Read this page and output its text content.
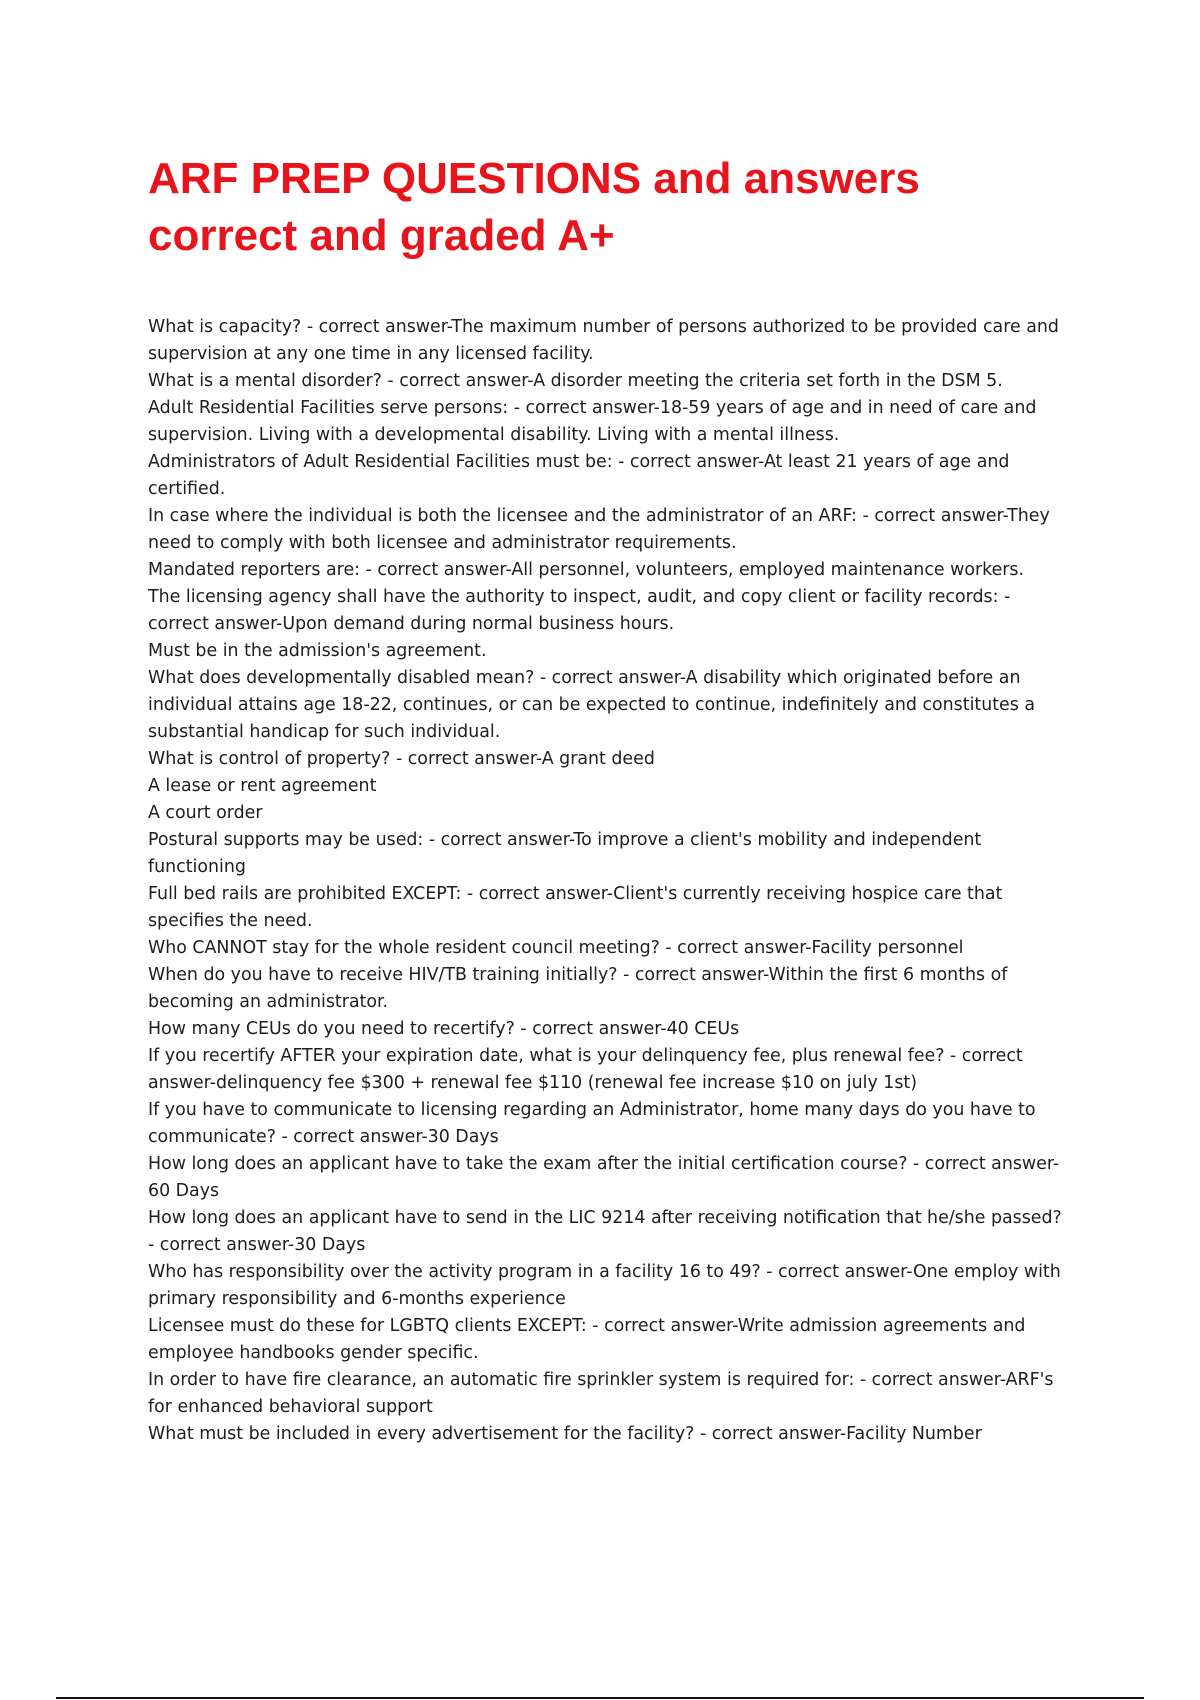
ARF PREP QUESTIONS and answers
correct and graded A+
What is capacity? - correct answer-The maximum number of persons authorized to be provided care and
supervision at any one time in any licensed facility.
What is a mental disorder? - correct answer-A disorder meeting the criteria set forth in the DSM 5.
Adult Residential Facilities serve persons: - correct answer-18-59 years of age and in need of care and
supervision. Living with a developmental disability. Living with a mental illness.
Administrators of Adult Residential Facilities must be: - correct answer-At least 21 years of age and
certified.
In case where the individual is both the licensee and the administrator of an ARF: - correct answer-They
need to comply with both licensee and administrator requirements.
Mandated reporters are: - correct answer-All personnel, volunteers, employed maintenance workers.
The licensing agency shall have the authority to inspect, audit, and copy client or facility records: -
correct answer-Upon demand during normal business hours.
Must be in the admission's agreement.
What does developmentally disabled mean? - correct answer-A disability which originated before an
individual attains age 18-22, continues, or can be expected to continue, indefinitely and constitutes a
substantial handicap for such individual.
What is control of property? - correct answer-A grant deed
A lease or rent agreement
A court order
Postural supports may be used: - correct answer-To improve a client's mobility and independent
functioning
Full bed rails are prohibited EXCEPT: - correct answer-Client's currently receiving hospice care that
specifies the need.
Who CANNOT stay for the whole resident council meeting? - correct answer-Facility personnel
When do you have to receive HIV/TB training initially? - correct answer-Within the first 6 months of
becoming an administrator.
How many CEUs do you need to recertify? - correct answer-40 CEUs
If you recertify AFTER your expiration date, what is your delinquency fee, plus renewal fee? - correct
answer-delinquency fee $300 + renewal fee $110 (renewal fee increase $10 on july 1st)
If you have to communicate to licensing regarding an Administrator, home many days do you have to
communicate? - correct answer-30 Days
How long does an applicant have to take the exam after the initial certification course? - correct answer-
60 Days
How long does an applicant have to send in the LIC 9214 after receiving notification that he/she passed?
- correct answer-30 Days
Who has responsibility over the activity program in a facility 16 to 49? - correct answer-One employ with
primary responsibility and 6-months experience
Licensee must do these for LGBTQ clients EXCEPT: - correct answer-Write admission agreements and
employee handbooks gender specific.
In order to have fire clearance, an automatic fire sprinkler system is required for: - correct answer-ARF's
for enhanced behavioral support
What must be included in every advertisement for the facility? - correct answer-Facility Number
